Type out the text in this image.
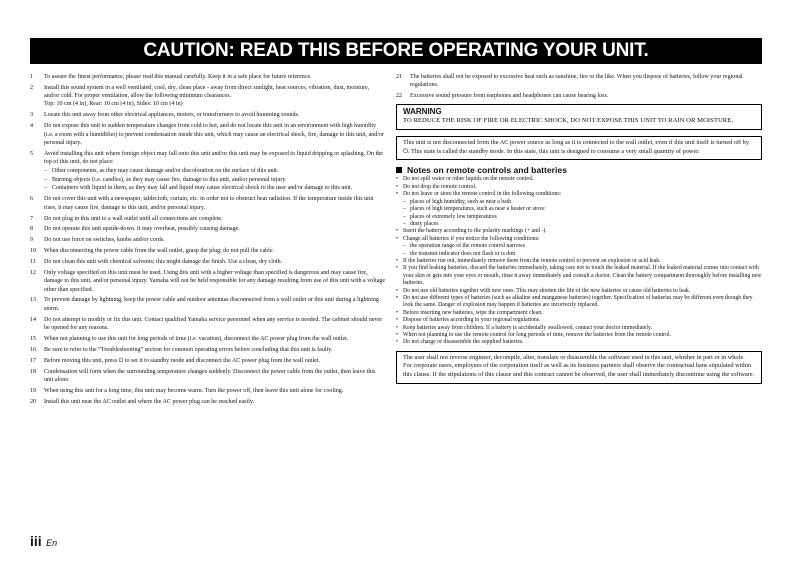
CAUTION: READ THIS BEFORE OPERATING YOUR UNIT.
1	To assure the finest performance, please read this manual carefully. Keep it in a safe place for future reference.
2	Install this sound system in a well ventilated, cool, dry, clean place - away from direct sunlight, heat sources, vibration, dust, moisture, and/or cold. For proper ventilation, allow the following minimum clearances.
Top: 10 cm (4 in), Rear: 10 cm (4 in), Sides: 10 cm (4 in)
3	Locate this unit away from other electrical appliances, motors, or transformers to avoid humming sounds.
4	Do not expose this unit to sudden temperature changes from cold to hot, and do not locate this unit in an environment with high humidity (i.e. a room with a humidifier) to prevent condensation inside this unit, which may cause an electrical shock, fire, damage to this unit, and/or personal injury.
5	Avoid installing this unit where foreign object may fall onto this unit and/or this unit may be exposed to liquid dripping or splashing. On the top of this unit, do not place:
– Other components, as they may cause damage and/or discoloration on the surface of this unit.
– Burning objects (i.e. candles), as they may cause fire, damage to this unit, and/or personal injury.
– Containers with liquid in them, as they may fall and liquid may cause electrical shock to the user and/or damage to this unit.
6	Do not cover this unit with a newspaper, tablecloth, curtain, etc. in order not to obstruct heat radiation. If the temperature inside this unit rises, it may cause fire, damage to this unit, and/or personal injury.
7	Do not plug in this unit to a wall outlet until all connections are complete.
8	Do not operate this unit upside-down. It may overheat, possibly causing damage.
9	Do not use force on switches, knobs and/or cords.
10	When disconnecting the power cable from the wall outlet, grasp the plug; do not pull the cable.
11	Do not clean this unit with chemical solvents; this might damage the finish. Use a clean, dry cloth.
12	Only voltage specified on this unit must be used. Using this unit with a higher voltage than specified is dangerous and may cause fire, damage to this unit, and/or personal injury. Yamaha will not be held responsible for any damage resulting from use of this unit with a voltage other than specified.
13	To prevent damage by lightning, keep the power cable and outdoor antennas disconnected from a wall outlet or this unit during a lightning storm.
14	Do not attempt to modify or fix this unit. Contact qualified Yamaha service personnel when any service is needed. The cabinet should never be opened for any reasons.
15	When not planning to use this unit for long periods of time (i.e. vacation), disconnect the AC power plug from the wall outlet.
16	Be sure to refer to the “Troubleshooting” section for common operating errors before concluding that this unit is faulty.
17	Before moving this unit, press ⏻ to set it to standby mode and disconnect the AC power plug from the wall outlet.
18	Condensation will form when the surrounding temperature changes suddenly. Disconnect the power cable from the outlet, then leave this unit alone.
19	When using this unit for a long time, this unit may become warm. Turn the power off, then leave this unit alone for cooling.
20	Install this unit near the AC outlet and where the AC power plug can be reached easily.
21	The batteries shall not be exposed to excessive heat such as sunshine, fire or the like. When you dispose of batteries, follow your regional regulations.
22	Excessive sound pressure from earphones and headphones can cause hearing loss.
WARNING
TO REDUCE THE RISK OF FIRE OR ELECTRIC SHOCK, DO NOT EXPOSE THIS UNIT TO RAIN OR MOISTURE.
This unit is not disconnected from the AC power source as long as it is connected to the wall outlet, even if this unit itself is turned off by ⏻. This state is called the standby mode. In this state, this unit is designed to consume a very small quantity of power.
Notes on remote controls and batteries
• Do not spill water or other liquids on the remote control.
• Do not drop the remote control.
• Do not leave or store the remote control in the following conditions:
– places of high humidity, such as near a bath
– places of high temperatures, such as near a heater or stove
– places of extremely low temperatures
– dusty places
• Insert the battery according to the polarity markings (+ and -).
• Change all batteries if you notice the following conditions:
– the operation range of the remote control narrows
– the transmit indicator does not flash or is dim
• If the batteries run out, immediately remove them from the remote control to prevent an explosion or acid leak.
• If you find leaking batteries, discard the batteries immediately, taking care not to touch the leaked material. If the leaked material comes into contact with your skin or gets into your eyes or mouth, rinse it away immediately and consult a doctor. Clean the battery compartment thoroughly before installing new batteries.
• Do not use old batteries together with new ones. This may shorten the life of the new batteries or cause old batteries to leak.
• Do not use different types of batteries (such as alkaline and manganese batteries) together. Specification of batteries may be different even though they look the same. Danger of explosion may happen if batteries are incorrectly replaced.
• Before inserting new batteries, wipe the compartment clean.
• Dispose of batteries according to your regional regulations.
• Keep batteries away from children. If a battery is accidentally swallowed, contact your doctor immediately.
• When not planning to use the remote control for long periods of time, remove the batteries from the remote control.
• Do not charge or disassemble the supplied batteries.
The user shall not reverse engineer, decompile, alter, translate or disassemble the software used in this unit, whether in part or in whole. For corporate users, employees of the corporation itself as well as its business partners shall observe the contractual bans stipulated within this clause. If the stipulations of this clause and this contract cannot be observed, the user shall immediately discontinue using the software.
iii En
